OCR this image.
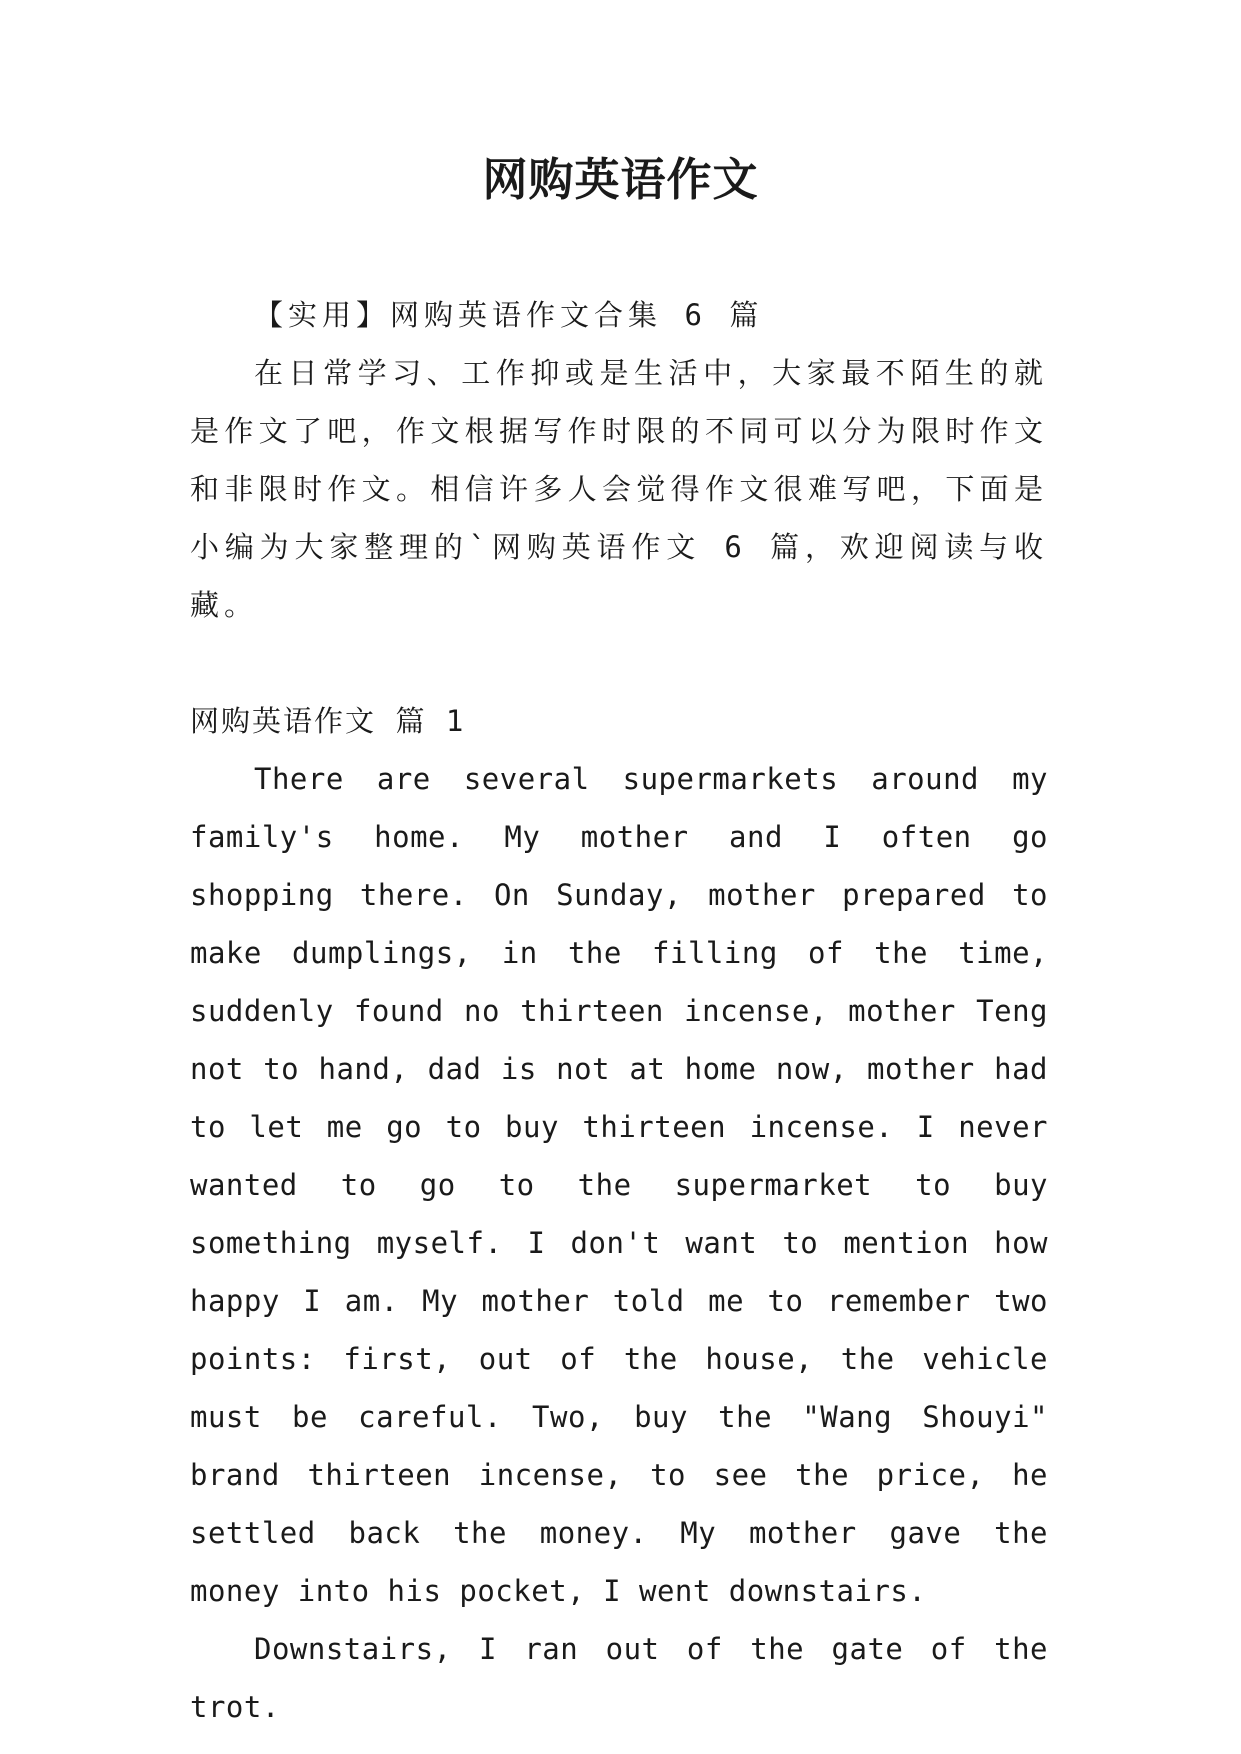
网购英语作文

【实用】网购英语作文合集 6 篇

在日常学习、工作抑或是生活中，大家最不陌生的就是作文了吧，作文根据写作时限的不同可以分为限时作文和非限时作文。相信许多人会觉得作文很难写吧，下面是小编为大家整理的`网购英语作文 6 篇，欢迎阅读与收藏。

网购英语作文 篇 1

There are several supermarkets around my family's home. My mother and I often go shopping there. On Sunday, mother prepared to make dumplings, in the filling of the time, suddenly found no thirteen incense, mother Teng not to hand, dad is not at home now, mother had to let me go to buy thirteen incense. I never wanted to go to the supermarket to buy something myself. I don't want to mention how happy I am. My mother told me to remember two points: first, out of the house, the vehicle must be careful. Two, buy the "Wang Shouyi" brand thirteen incense, to see the price, he settled back the money. My mother gave the money into his pocket, I went downstairs.

Downstairs, I ran out of the gate of the trot.
